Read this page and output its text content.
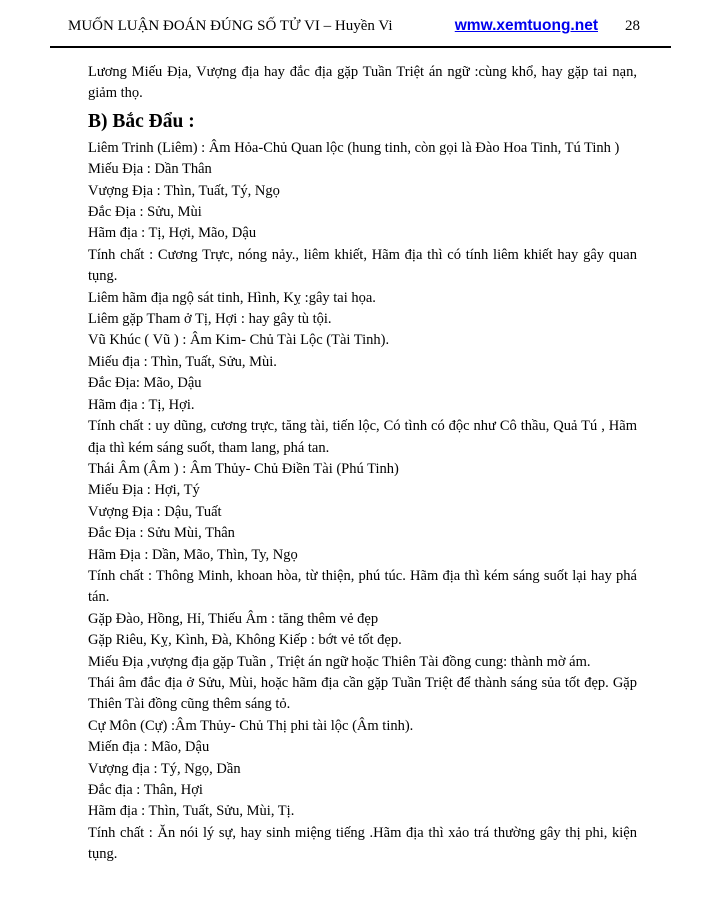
MUỐN LUẬN ĐOÁN ĐÚNG SỐ TỬ VI – Huyền Vi	wmw.xemtuong.net 28

Lương Miếu Địa, Vượng địa hay đắc địa gặp Tuần Triệt án ngữ :cùng khổ, hay gặp tai nạn, giảm thọ.

B) Bắc Đẩu :

Liêm Trinh (Liêm) : Âm Hỏa-Chủ Quan lộc (hung tinh, còn gọi là Đào Hoa Tinh, Tú Tinh )

Miếu Địa : Dần Thân

Vượng Địa : Thìn, Tuất, Tý, Ngọ

Đắc Địa : Sửu, Mùi

Hãm địa : Tị, Hợi, Mão, Dậu

Tính chất : Cương Trực, nóng nảy., liêm khiết, Hãm địa thì có tính liêm khiết hay gây quan tụng.

Liêm hãm địa ngộ sát tinh, Hình, Kỵ :gây tai họa.

Liêm gặp Tham ở Tị, Hợi : hay gây tù tội.

Vũ Khúc ( Vũ ) : Âm Kim- Chủ Tài Lộc (Tài Tinh).

Miếu địa : Thìn, Tuất, Sửu, Mùi.

Đắc Địa: Mão, Dậu

Hãm địa : Tị, Hợi.

Tính chất : uy dũng, cương trực, tăng tài, tiến lộc, Có tình có độc như Cô thầu, Quả Tú , Hãm địa thì kém sáng suốt, tham lang, phá tan.

Thái Âm (Âm ) : Âm Thủy- Chủ Điền Tài (Phú Tinh)

Miếu Địa : Hợi, Tý

Vượng Địa : Dậu, Tuất

Đắc Địa : Sửu Mùi, Thân

Hãm Địa : Dần, Mão, Thìn, Ty, Ngọ

Tính chất : Thông Minh, khoan hòa, từ thiện, phú túc. Hãm địa thì kém sáng suốt lại hay phá tán.

Gặp Đào, Hồng, Hỉ, Thiếu Âm : tăng thêm vẻ đẹp

Gặp Riêu, Kỵ, Kình, Đà, Không Kiếp : bớt vẻ tốt đẹp.

Miếu Địa ,vượng địa gặp Tuần , Triệt án ngữ hoặc Thiên Tài đồng cung: thành mờ ám.

Thái âm đắc địa ở Sửu, Mùi, hoặc hãm địa cần gặp Tuần Triệt để thành sáng sủa tốt đẹp. Gặp Thiên Tài đồng cũng thêm sáng tỏ.

Cự Môn (Cự) :Âm Thủy- Chủ Thị phi tài lộc (Âm tinh).

Miến địa : Mão, Dậu

Vượng địa : Tý, Ngọ, Dần

Đắc địa : Thân, Hợi

Hãm địa : Thìn, Tuất, Sửu, Mùi, Tị.

Tính chất : Ăn nói lý sự, hay sinh miệng tiếng .Hãm địa thì xảo trá thường gây thị phi, kiện tụng.
